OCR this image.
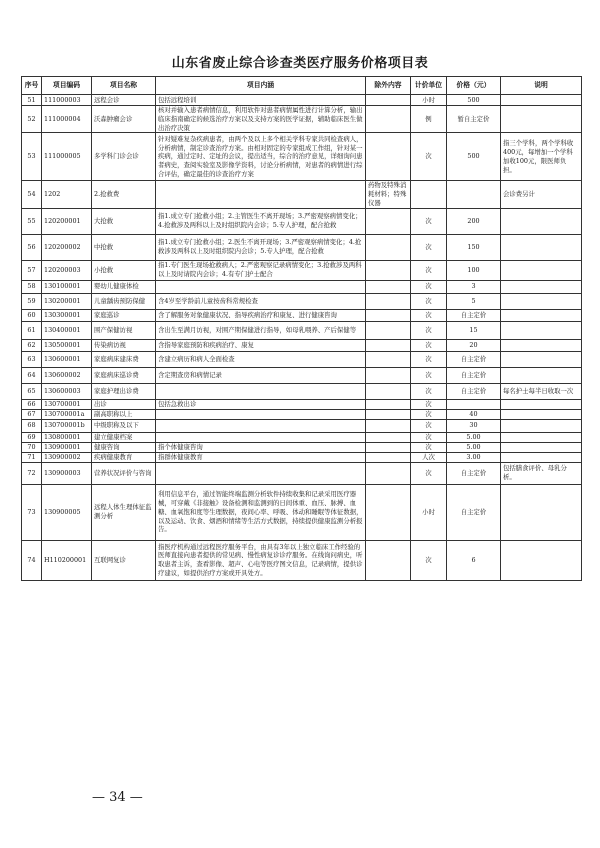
山东省废止综合诊查类医疗服务价格项目表
序号	项目编码	项目名称	项目内涵	除外内容	计价单位	价格（元）	说明
51	111000003	远程会诊	包括远程培训		小时	500	
52	111000004	沃森肿瘤会诊	核对并输入患者病情信息，利用软件对患者病情属性进行计算分析，输出临床指南确定的候选治疗方案以及支持方案的医学证据，辅助临床医生做出治疗决策		例	暂自主定价	
53	111000005	多学科门诊会诊	针对疑难复杂疾病患者，由两个及以上多个相关学科专家共同检查病人，分析病情，制定诊查治疗方案。由相对固定的专家组成工作组，针对某一疾病，通过定时、定址的会议，提出适当，综合的治疗意见，详细询问患者病史，查阅实验室及影像学资料，讨论分析病情，对患者的病情进行综合评估，确定最佳的诊查治疗方案		次	500	指三个学科，两个学科收400元，每增加一个学科加收100元，限医师负担。
54	1202	2.抢救费		药物及特殊消耗材料；特殊仪器			会诊费另计
55	120200001	大抢救	指1.成立专门抢救小组；2.主管医生不离开现场；3.严密观察病情变化；4.抢救涉及两科以上及时组织院内会诊；5.专人护理，配合抢救		次	200	
56	120200002	中抢救	指1.成立专门抢救小组；2.医生不离开现场；3.严密观察病情变化；4.抢救涉及两科以上及时组织院内会诊；5.专人护理，配合抢救		次	150	
57	120200003	小抢救	指1.专门医生现场抢救病人；2.严密观察记录病情变化；3.抢救涉及两科以上及时请院内会诊；4.有专门护士配合		次	100	
58	130100001	婴幼儿健康体检			次	3	
59	130200001	儿童龋齿预防保健	含4岁至学龄前儿童按齿科常规检查		次	5	
60	130300001	家庭巡诊	含了解服务对象健康状况、指导疾病治疗和康复、进行健康咨询		次	自主定价	
61	130400001	围产保健访视	含出生至满月访视，对围产期保健进行指导，如母乳喂养、产后保健等		次	15	
62	130500001	传染病访视	含指导家庭预防和疾病治疗、康复		次	20	
63	130600001	家庭病床建床费	含建立病历和病人全面检查		次	自主定价	
64	130600002	家庭病床巡诊费	含定期查房和病情记录		次	自主定价	
65	130600003	家庭护理出诊费			次	自主定价	每名护士每半日收取一次
66	130700001	出诊	包括急救出诊		次		
67	130700001a	副高职称以上			次	40	
68	130700001b	中级职称及以下			次	30	
69	130800001	建立健康档案			次	5.00	
70	130900001	健康咨询	指个体健康咨询		次	5.00	
71	130900002	疾病健康教育	指群体健康教育		人次	3.00	
72	130900003	营养状况评价与咨询			次	自主定价	包括膳食评价、母乳分析。
73	130900005	远程人体生理体征监测分析	利用信息平台，通过智能终端监测分析软件持续收集和记录采用医疗器械，可穿戴《非接触》设备检测和监测到的日间体重、血压、脉搏、血糖、血氧饱和度等生理数据，夜间心率、呼吸、体动和睡眠等体征数据，以及运动、饮食、烟酒和情绪等生活方式数据，持续提供健康监测分析报告。		小时	自主定价	
74	H110200001	互联网复诊	指医疗机构通过远程医疗服务平台，由具有3年以上独立临床工作经验的医师直接向患者提供的常见病、慢性病复诊诊疗服务。在线询问病史，听取患者主诉，查看影像、超声、心电等医疗图文信息，记录病情，提供诊疗建议，如提供治疗方案或开具处方。		次	6	
— 34 —
